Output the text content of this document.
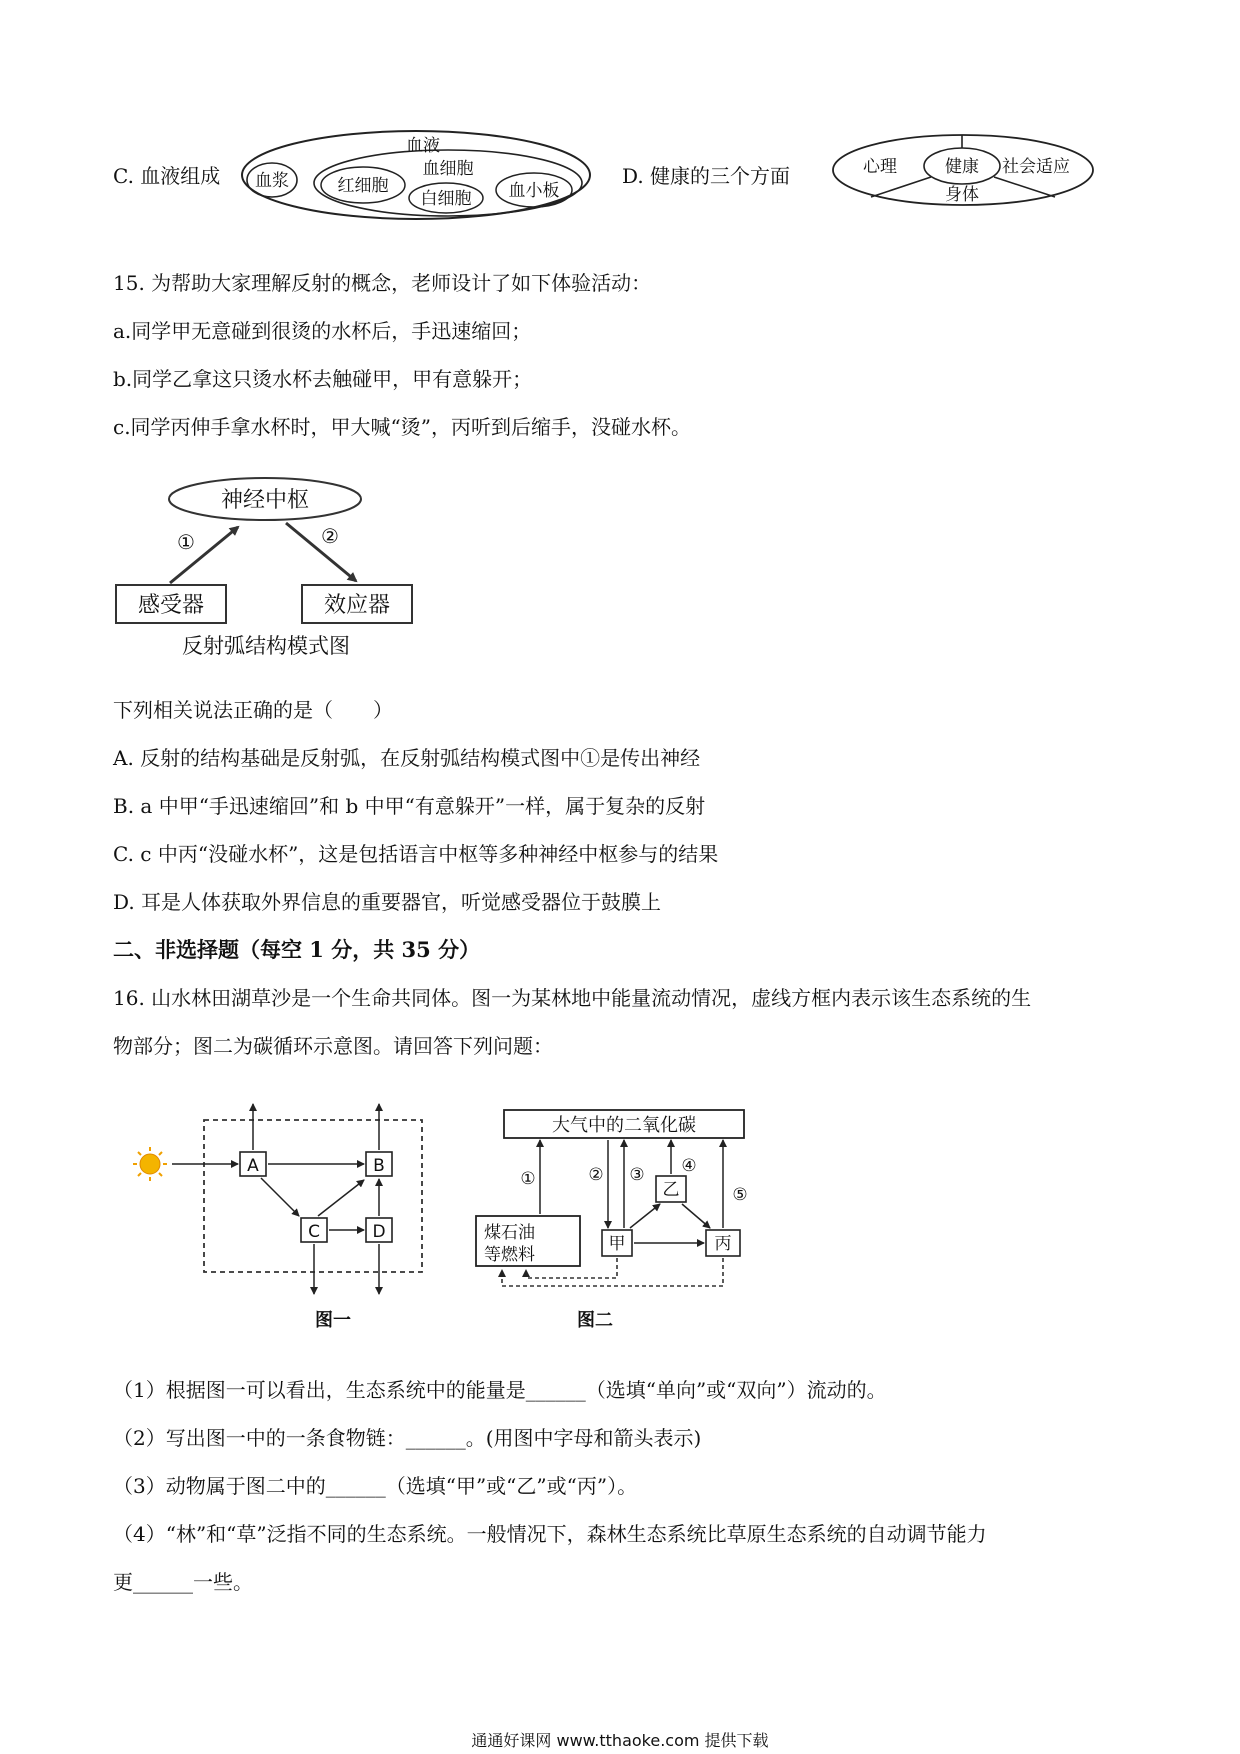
C. 血液组成
血液
血浆
血细胞
红细胞
白细胞 血小板
D. 健康的三个方面	健康
心理	社会适应
身体
15. 为帮助大家理解反射的概念，老师设计了如下体验活动：
a.同学甲无意碰到很烫的水杯后，手迅速缩回；
b.同学乙拿这只烫水杯去触碰甲，甲有意躲开；
c.同学丙伸手拿水杯时，甲大喊“烫”，丙听到后缩手，没碰水杯。
神经中枢
感受器	效应器
①	②
反射弧结构模式图
下列相关说法正确的是（　　）
A. 反射的结构基础是反射弧，在反射弧结构模式图中①是传出神经
B. a 中甲“手迅速缩回”和 b 中甲“有意躲开”一样，属于复杂的反射
C. c 中丙“没碰水杯”，这是包括语言中枢等多种神经中枢参与的结果
D. 耳是人体获取外界信息的重要器官，听觉感受器位于鼓膜上
二、非选择题（每空 1 分，共 35 分）
16. 山水林田湖草沙是一个生命共同体。图一为某林地中能量流动情况，虚线方框内表示该生态系统的生
物部分；图二为碳循环示意图。请回答下列问题：
A	B
C	D
图一
大气中的二氧化碳
煤石油
等燃料
甲
乙
丙
①	② ③ ④
⑤
图二
（1）根据图一可以看出，生态系统中的能量是______（选填“单向”或“双向”）流动的。
（2）写出图一中的一条食物链：______。(用图中字母和箭头表示)
（3）动物属于图二中的______（选填“甲”或“乙”或“丙”）。
（4）“林”和“草”泛指不同的生态系统。一般情况下，森林生态系统比草原生态系统的自动调节能力
更______一些。
通通好课网 www.tthaoke.com 提供下载
